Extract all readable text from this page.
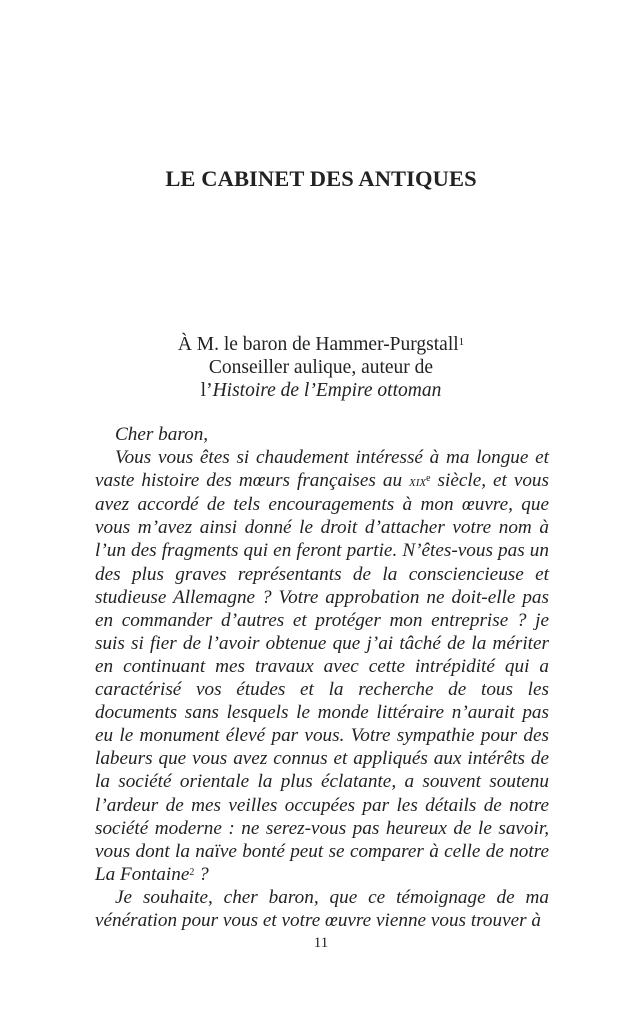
LE CABINET DES ANTIQUES
À M. le baron de Hammer-Purgstall$^1$
Conseiller aulique, auteur de
l’Histoire de l’Empire ottoman

Cher baron,

Vous vous êtes si chaudement intéressé à ma longue et vaste histoire des mœurs françaises au xix$^e$ siècle, et vous avez accordé de tels encouragements à mon œuvre, que vous m’avez ainsi donné le droit d’attacher votre nom à l’un des fragments qui en feront partie. N’êtes-vous pas un des plus graves représentants de la consciencieuse et studieuse Allemagne ? Votre approbation ne doit-elle pas en commander d’autres et protéger mon entreprise ? je suis si fier de l’avoir obtenue que j’ai tâché de la mériter en continuant mes travaux avec cette intrépidité qui a caractérisé vos études et la recherche de tous les documents sans lesquels le monde littéraire n’aurait pas eu le monument élevé par vous. Votre sympathie pour des labeurs que vous avez connus et appliqués aux intérêts de la société orientale la plus éclatante, a souvent soutenu l’ardeur de mes veilles occupées par les détails de notre société moderne : ne serez-vous pas heureux de le savoir, vous dont la naïve bonté peut se comparer à celle de notre La Fontaine$^2$ ?

Je souhaite, cher baron, que ce témoignage de ma vénération pour vous et votre œuvre vienne vous trouver à

11
